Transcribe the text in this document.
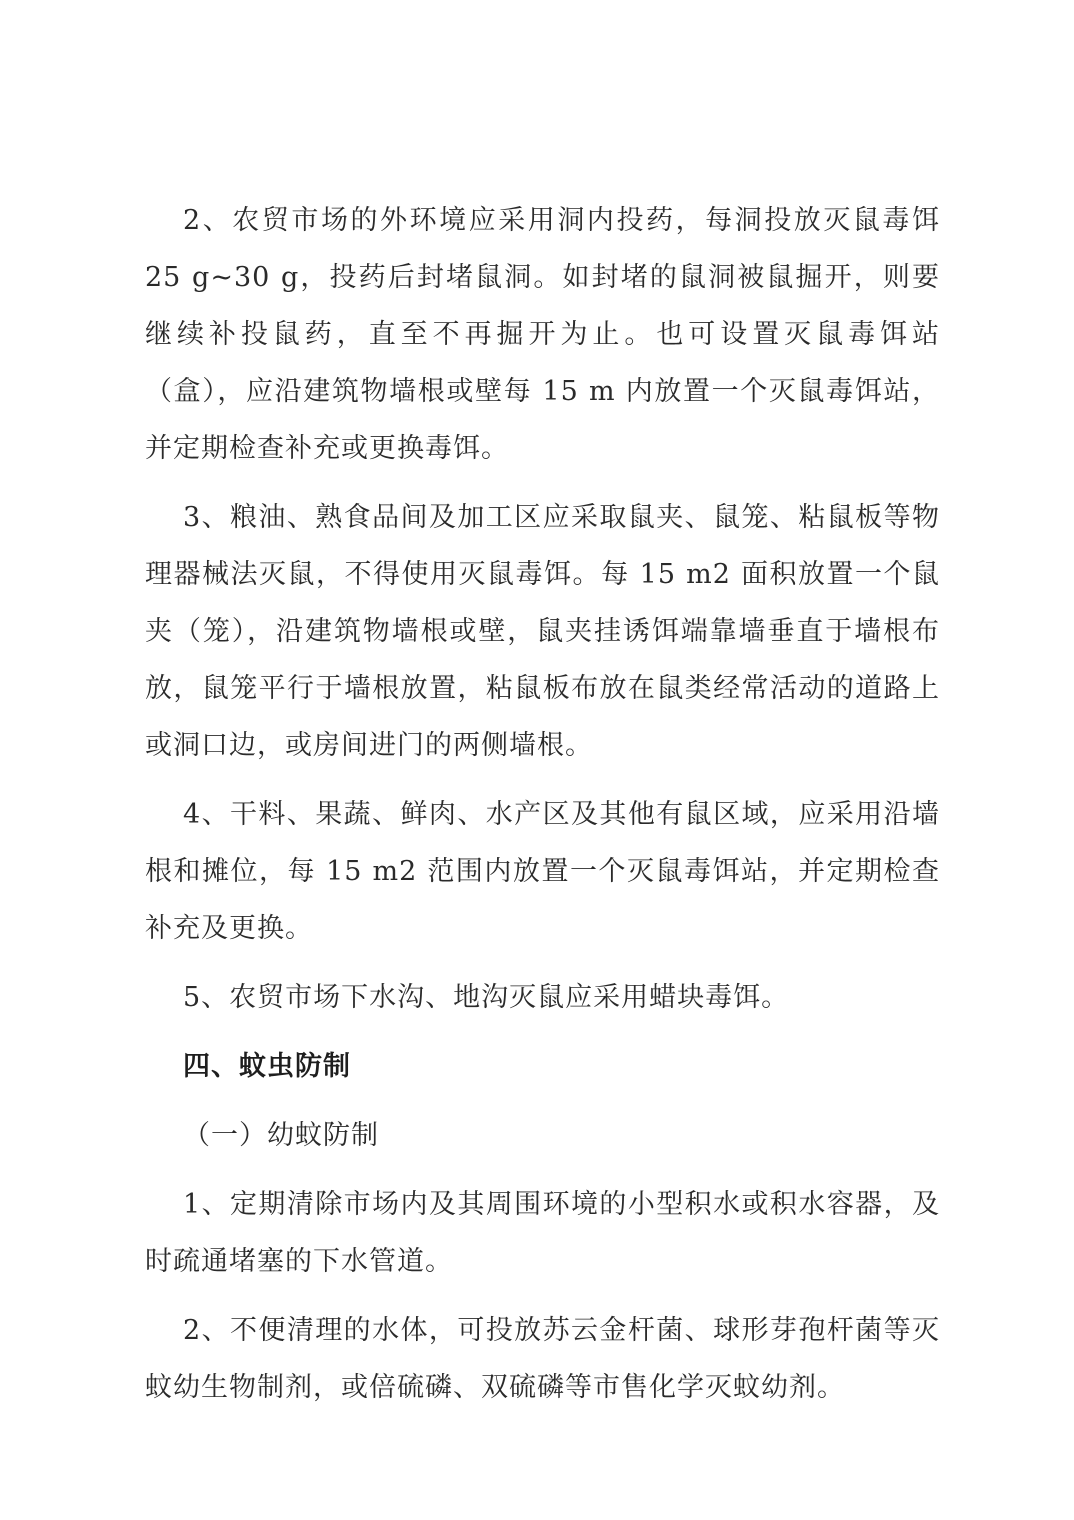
2、农贸市场的外环境应采用洞内投药，每洞投放灭鼠毒饵 25 g~30 g，投药后封堵鼠洞。如封堵的鼠洞被鼠掘开，则要继续补投鼠药，直至不再掘开为止。也可设置灭鼠毒饵站（盒），应沿建筑物墙根或壁每 15 m 内放置一个灭鼠毒饵站，并定期检查补充或更换毒饵。

3、粮油、熟食品间及加工区应采取鼠夹、鼠笼、粘鼠板等物理器械法灭鼠，不得使用灭鼠毒饵。每 15 m2 面积放置一个鼠夹（笼），沿建筑物墙根或壁，鼠夹挂诱饵端靠墙垂直于墙根布放，鼠笼平行于墙根放置，粘鼠板布放在鼠类经常活动的道路上或洞口边，或房间进门的两侧墙根。

4、干料、果蔬、鲜肉、水产区及其他有鼠区域，应采用沿墙根和摊位，每 15 m2 范围内放置一个灭鼠毒饵站，并定期检查补充及更换。

5、农贸市场下水沟、地沟灭鼠应采用蜡块毒饵。

四、蚊虫防制

（一）幼蚊防制

1、定期清除市场内及其周围环境的小型积水或积水容器，及时疏通堵塞的下水管道。

2、不便清理的水体，可投放苏云金杆菌、球形芽孢杆菌等灭蚊幼生物制剂，或倍硫磷、双硫磷等市售化学灭蚊幼剂。
